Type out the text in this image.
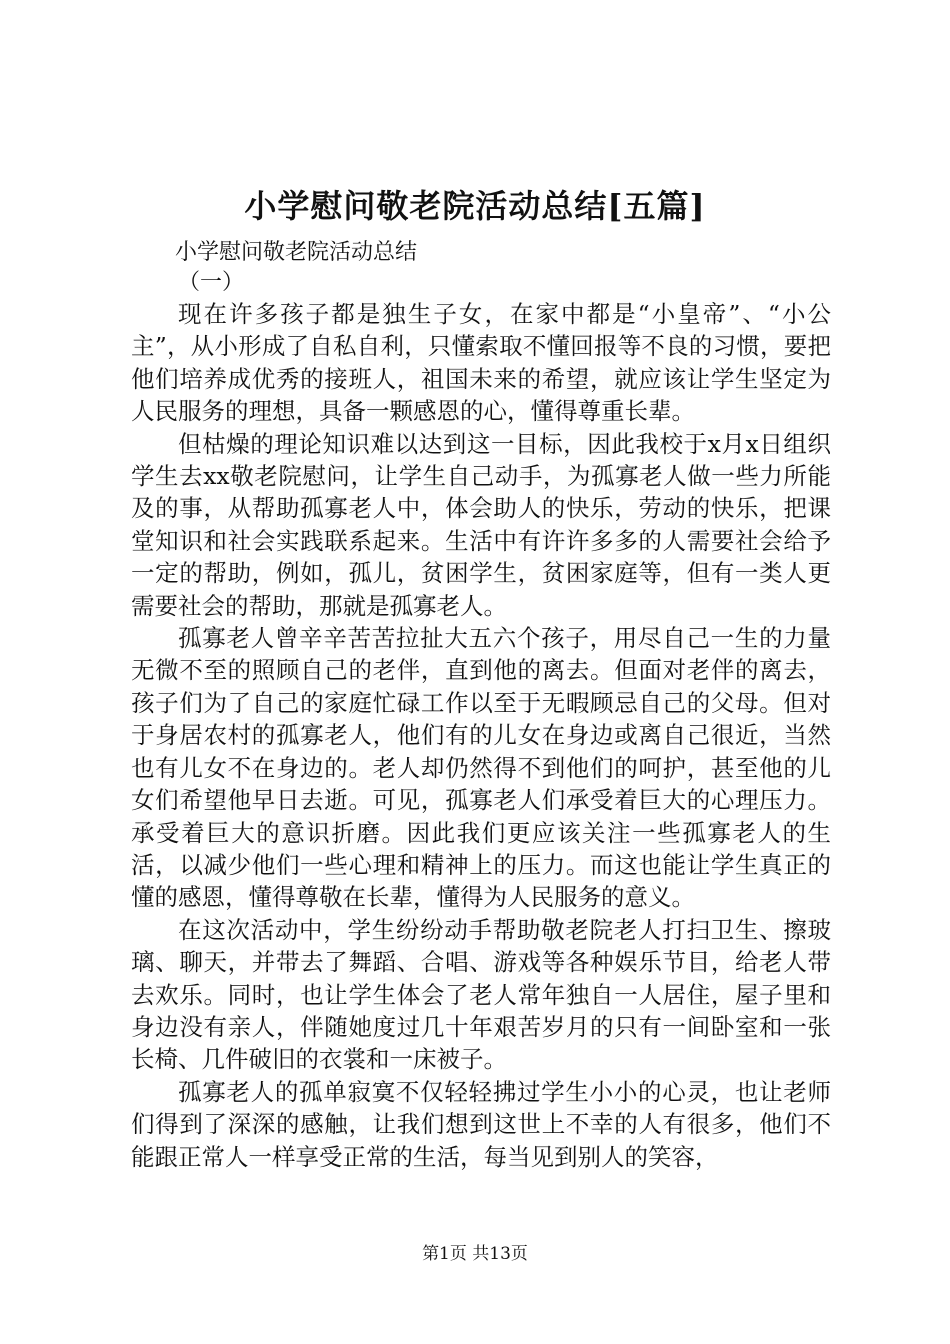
小学慰问敬老院活动总结[五篇]
小学慰问敬老院活动总结
（一）

现在许多孩子都是独生子女，在家中都是“小皇帝”、“小公主”，从小形成了自私自利，只懂索取不懂回报等不良的习惯，要把他们培养成优秀的接班人，祖国未来的希望，就应该让学生坚定为人民服务的理想，具备一颗感恩的心，懂得尊重长辈。

但枯燥的理论知识难以达到这一目标，因此我校于x月x日组织学生去xx敬老院慰问，让学生自己动手，为孤寡老人做一些力所能及的事，从帮助孤寡老人中，体会助人的快乐，劳动的快乐，把课堂知识和社会实践联系起来。生活中有许许多多的人需要社会给予一定的帮助，例如，孤儿，贫困学生，贫困家庭等，但有一类人更需要社会的帮助，那就是孤寡老人。

孤寡老人曾辛辛苦苦拉扯大五六个孩子，用尽自己一生的力量无微不至的照顾自己的老伴，直到他的离去。但面对老伴的离去，孩子们为了自己的家庭忙碌工作以至于无暇顾忌自己的父母。但对于身居农村的孤寡老人，他们有的儿女在身边或离自己很近，当然也有儿女不在身边的。老人却仍然得不到他们的呵护，甚至他的儿女们希望他早日去逝。可见，孤寡老人们承受着巨大的心理压力。承受着巨大的意识折磨。因此我们更应该关注一些孤寡老人的生活，以减少他们一些心理和精神上的压力。而这也能让学生真正的懂的感恩，懂得尊敬在长辈，懂得为人民服务的意义。

在这次活动中，学生纷纷动手帮助敬老院老人打扫卫生、擦玻璃、聊天，并带去了舞蹈、合唱、游戏等各种娱乐节目，给老人带去欢乐。同时，也让学生体会了老人常年独自一人居住，屋子里和身边没有亲人，伴随她度过几十年艰苦岁月的只有一间卧室和一张长椅、几件破旧的衣裳和一床被子。

孤寡老人的孤单寂寞不仅轻轻拂过学生小小的心灵，也让老师们得到了深深的感触，让我们想到这世上不幸的人有很多，他们不能跟正常人一样享受正常的生活，每当见到别人的笑容，

第1页 共13页
